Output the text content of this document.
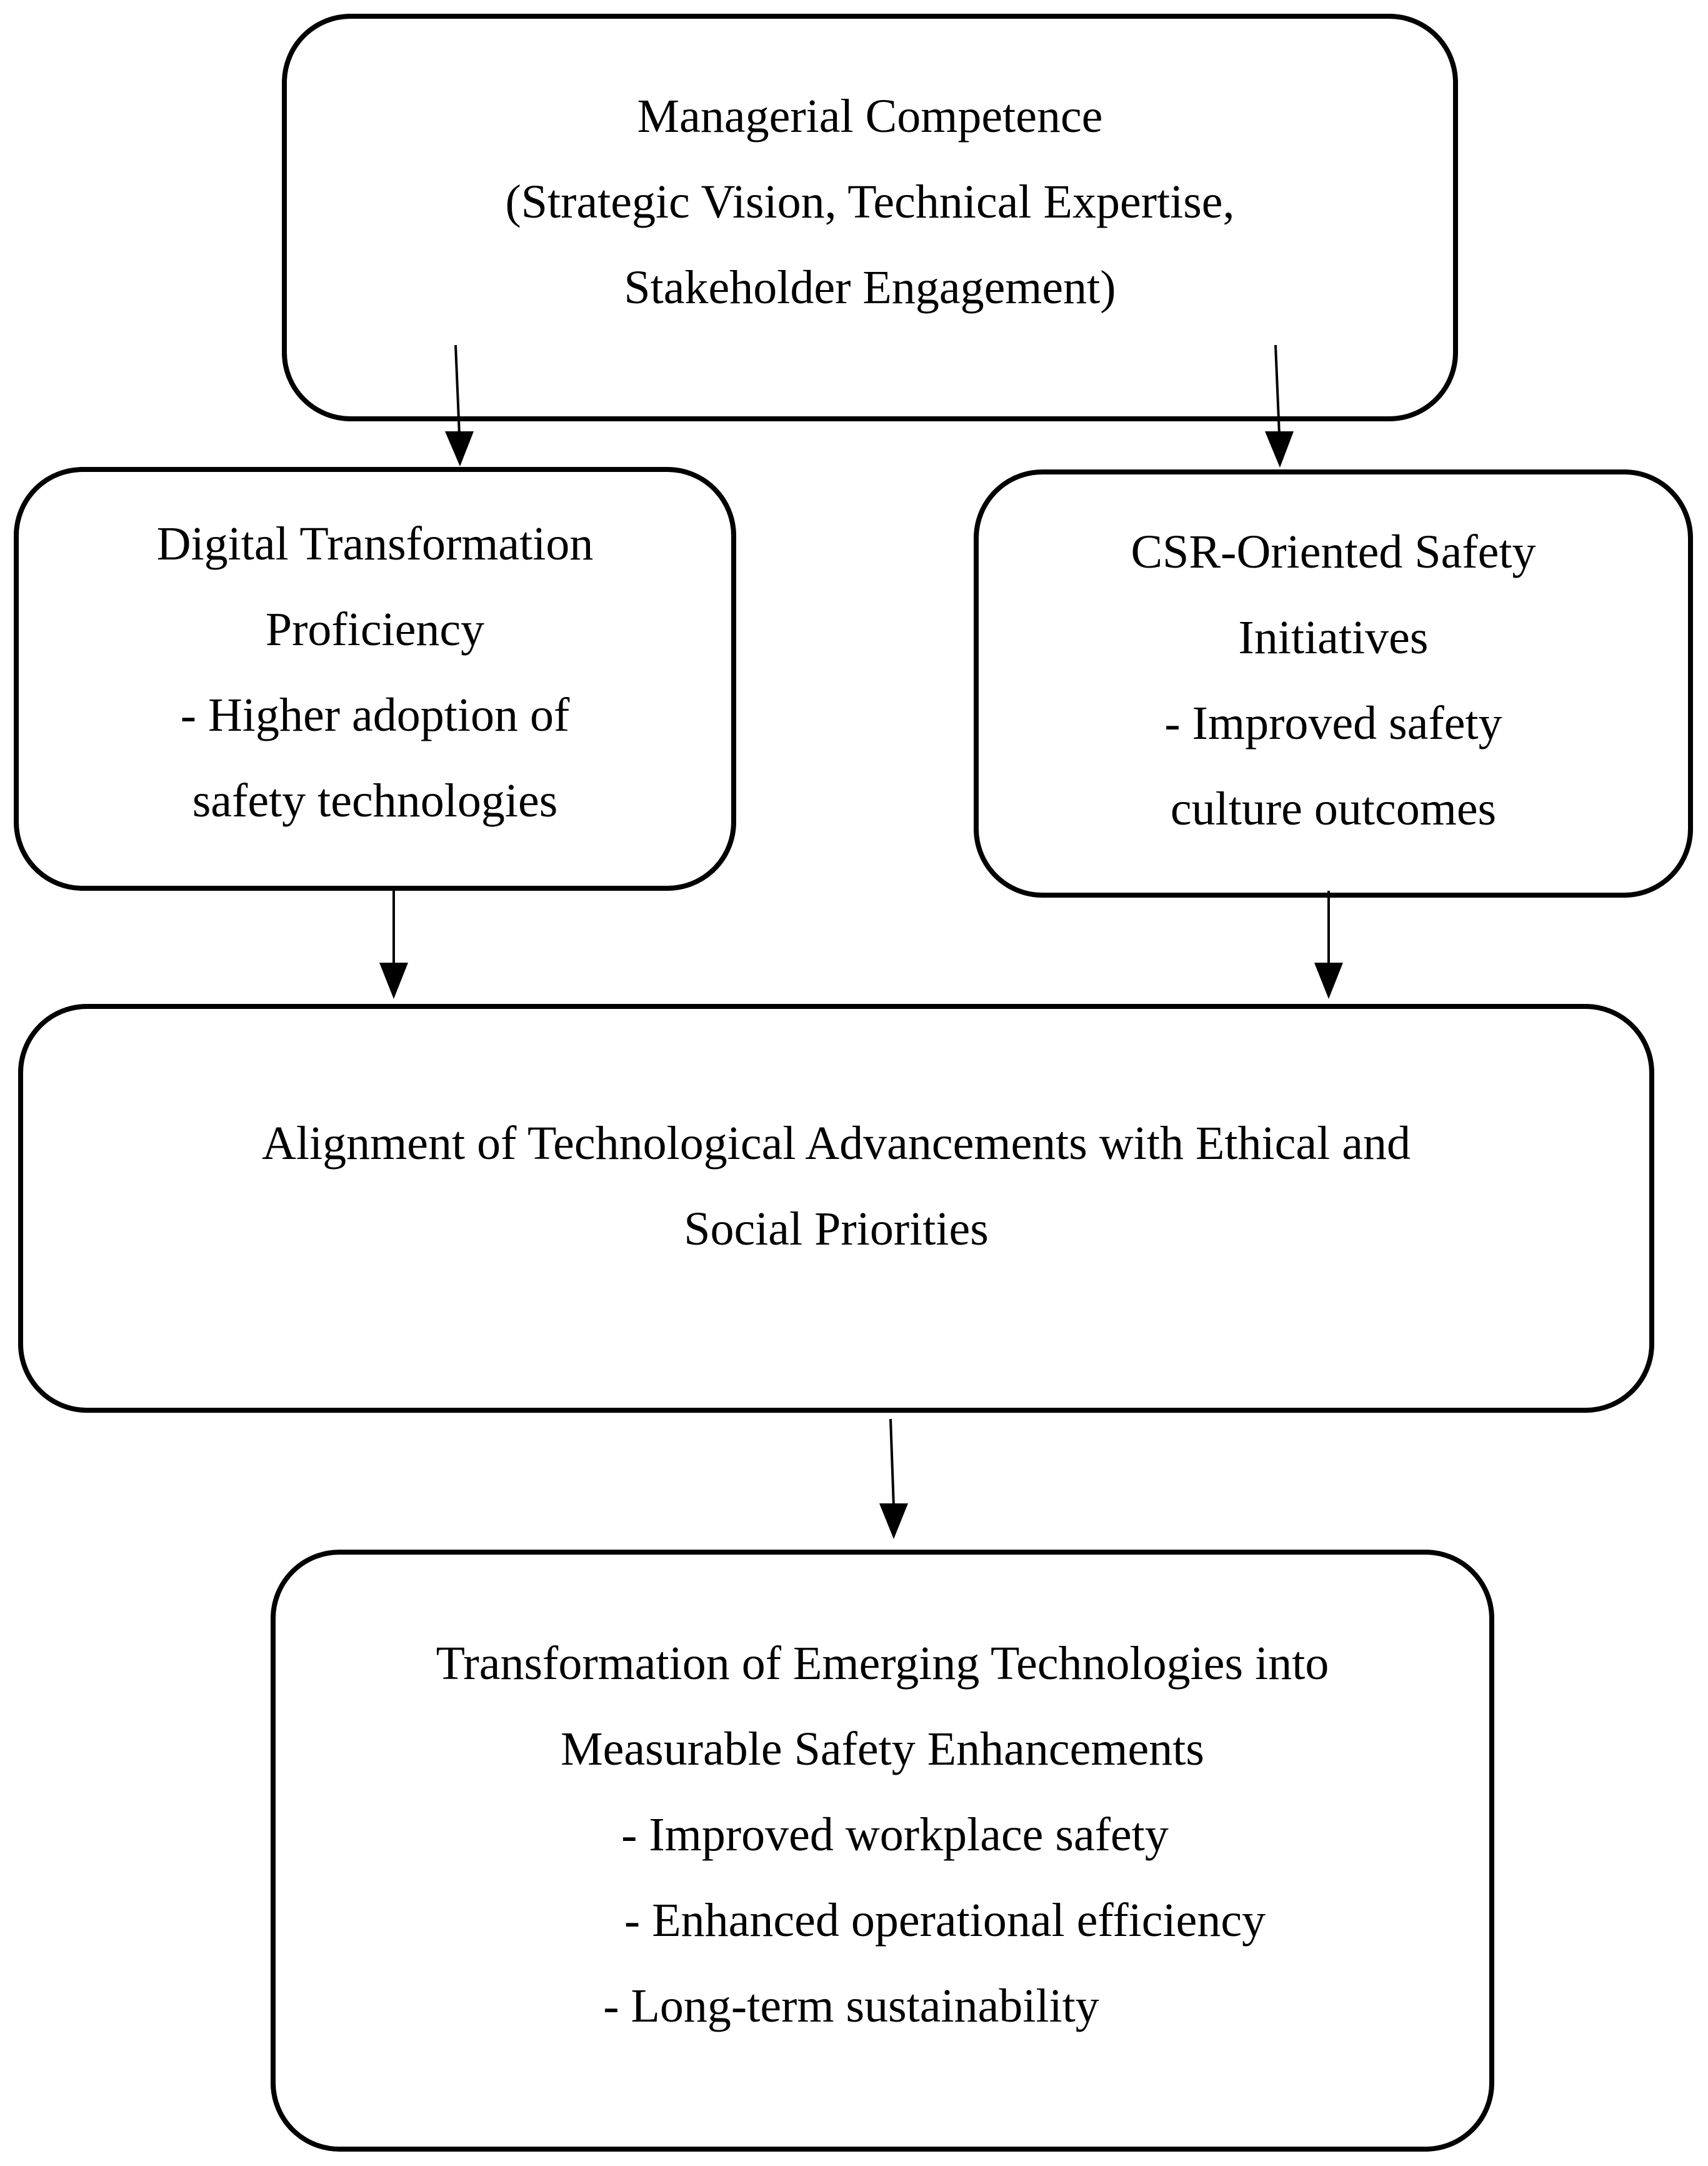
Managerial Competence
(Strategic Vision, Technical Expertise,
Stakeholder Engagement)
Digital Transformation
Proficiency
- Higher adoption of
safety technologies
CSR-Oriented Safety
Initiatives
- Improved safety
culture outcomes
Alignment of Technological Advancements with Ethical and
Social Priorities
Transformation of Emerging Technologies into
Measurable Safety Enhancements
- Improved workplace safety
- Enhanced operational efficiency
- Long-term sustainability
